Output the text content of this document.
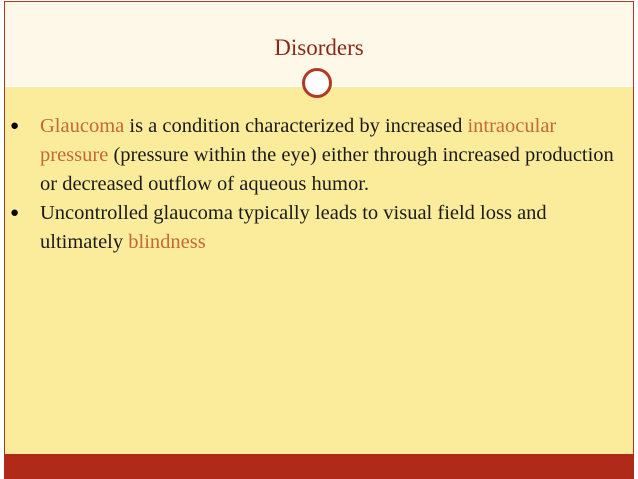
Disorders
● Glaucoma is a condition characterized by increased intraocular pressure (pressure within the eye) either through increased production or decreased outflow of aqueous humor.
● Uncontrolled glaucoma typically leads to visual field loss and ultimately blindness
